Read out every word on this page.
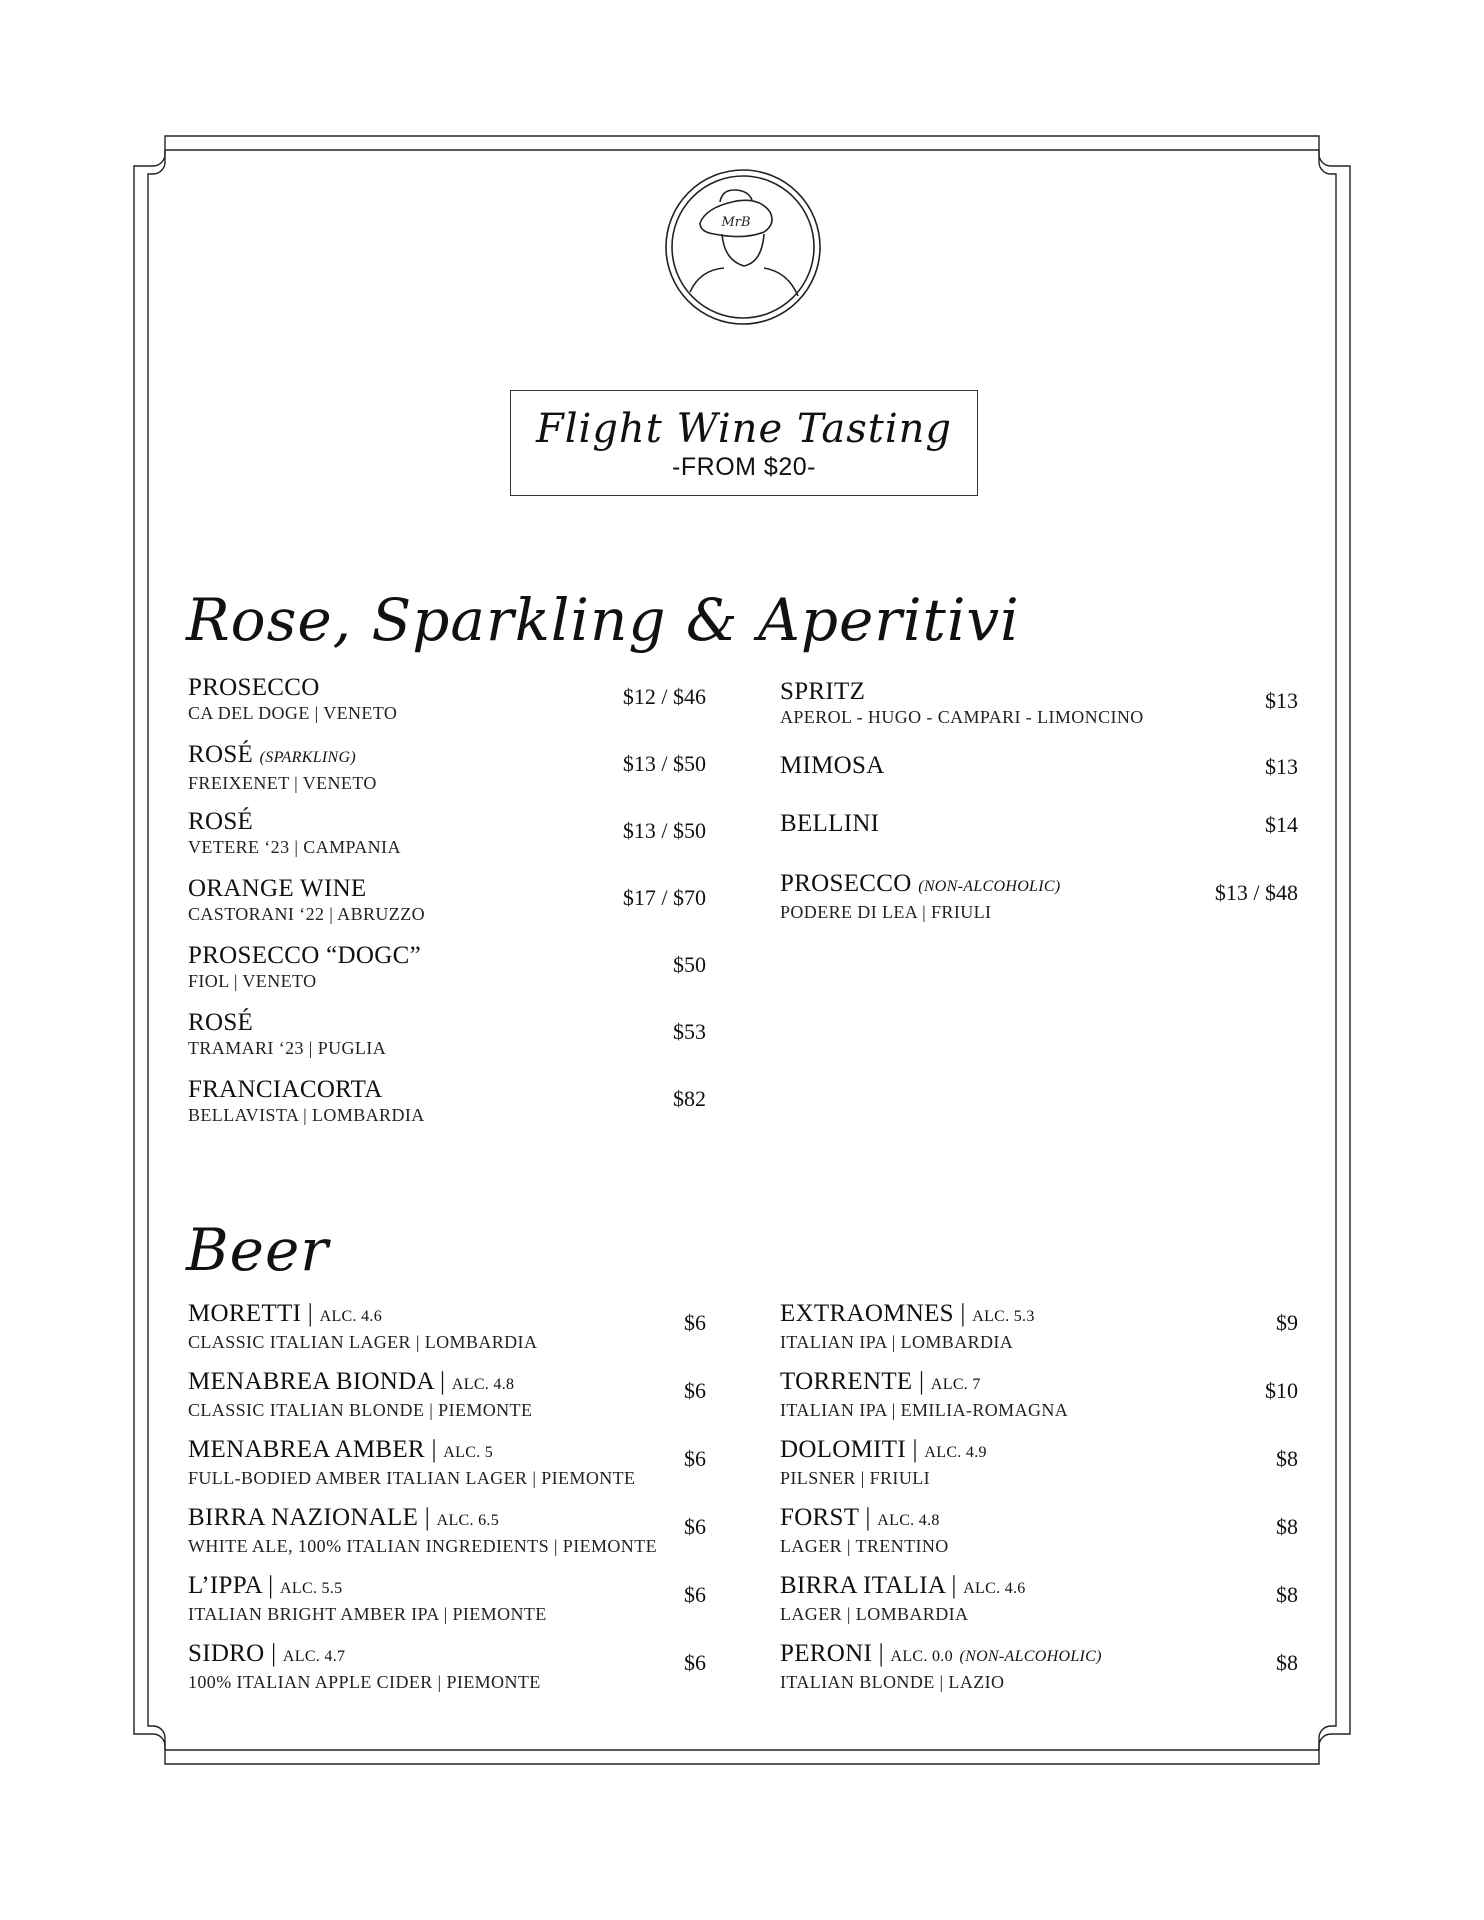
MrB
Flight Wine Tasting
-FROM $20-
Rose, Sparkling & Aperitivi
PROSECCO
CA DEL DOGE | VENETO
$12 / $46
ROSÉ (SPARKLING)
FREIXENET | VENETO
$13 / $50
ROSÉ
VETERE ‘23 | CAMPANIA
$13 / $50
ORANGE WINE
CASTORANI ‘22 | ABRUZZO
$17 / $70
PROSECCO “DOGC”
FIOL | VENETO
$50
ROSÉ
TRAMARI ‘23 | PUGLIA
$53
FRANCIACORTA
BELLAVISTA | LOMBARDIA
$82
SPRITZ
APEROL - HUGO - CAMPARI - LIMONCINO
$13
MIMOSA	$13
BELLINI	$14
PROSECCO (NON-ALCOHOLIC)
PODERE DI LEA | FRIULI
$13 / $48
Beer
MORETTI | ALC. 4.6
CLASSIC ITALIAN LAGER | LOMBARDIA
$6
MENABREA BIONDA | ALC. 4.8
CLASSIC ITALIAN BLONDE | PIEMONTE
$6
MENABREA AMBER | ALC. 5
FULL-BODIED AMBER ITALIAN LAGER | PIEMONTE
$6
BIRRA NAZIONALE | ALC. 6.5
WHITE ALE, 100% ITALIAN INGREDIENTS | PIEMONTE
$6
L’IPPA | ALC. 5.5
ITALIAN BRIGHT AMBER IPA | PIEMONTE
$6
SIDRO | ALC. 4.7
100% ITALIAN APPLE CIDER | PIEMONTE
$6
EXTRAOMNES | ALC. 5.3
ITALIAN IPA | LOMBARDIA
$9
TORRENTE | ALC. 7
ITALIAN IPA | EMILIA-ROMAGNA
$10
DOLOMITI | ALC. 4.9
PILSNER | FRIULI
$8
FORST | ALC. 4.8
LAGER | TRENTINO
$8
BIRRA ITALIA | ALC. 4.6
LAGER | LOMBARDIA
$8
PERONI | ALC. 0.0 (NON-ALCOHOLIC)
ITALIAN BLONDE | LAZIO
$8
